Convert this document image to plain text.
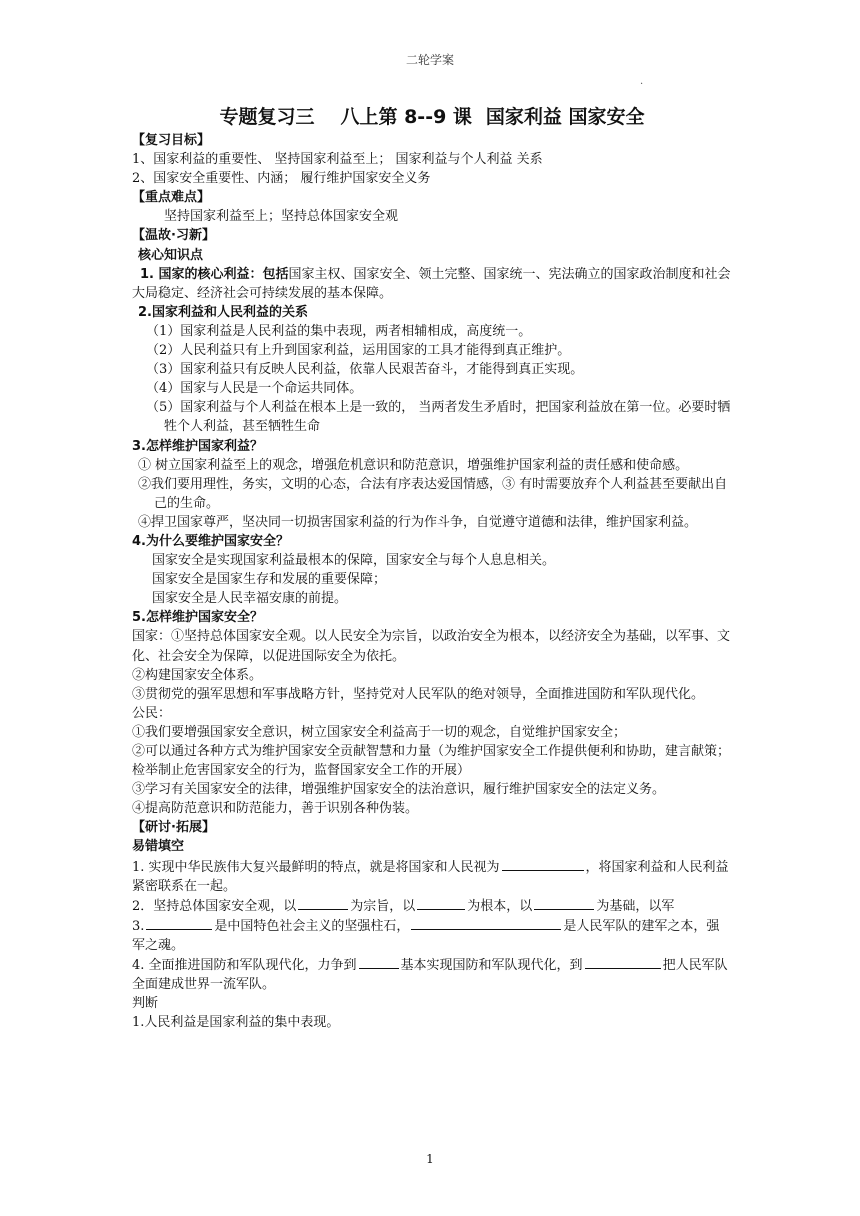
二轮学案
.

专题复习三 八上第 8--9 课 国家利益 国家安全

【复习目标】

1、国家利益的重要性、 坚持国家利益至上； 国家利益与个人利益 关系

2、国家安全重要性、内涵； 履行维护国家安全义务

【重点难点】

坚持国家利益至上；坚持总体国家安全观

【温故·习新】

核心知识点

1. 国家的核心利益：包括国家主权、国家安全、领土完整、国家统一、宪法确立的国家政治制度和社会大局稳定、经济社会可持续发展的基本保障。

2.国家利益和人民利益的关系

（1）国家利益是人民利益的集中表现，两者相辅相成，高度统一。

（2）人民利益只有上升到国家利益，运用国家的工具才能得到真正维护。

（3）国家利益只有反映人民利益，依靠人民艰苦奋斗，才能得到真正实现。

（4）国家与人民是一个命运共同体。

（5）国家利益与个人利益在根本上是一致的， 当两者发生矛盾时，把国家利益放在第一位。必要时牺牲个人利益，甚至牺牲生命

3.怎样维护国家利益？

① 树立国家利益至上的观念，增强危机意识和防范意识，增强维护国家利益的责任感和使命感。

②我们要用理性，务实，文明的心态，合法有序表达爱国情感，③ 有时需要放弃个人利益甚至要献出自己的生命。

④捍卫国家尊严，坚决同一切损害国家利益的行为作斗争，自觉遵守道德和法律，维护国家利益。

4.为什么要维护国家安全？

国家安全是实现国家利益最根本的保障，国家安全与每个人息息相关。

国家安全是国家生存和发展的重要保障；

国家安全是人民幸福安康的前提。

5.怎样维护国家安全？

国家：①坚持总体国家安全观。以人民安全为宗旨，以政治安全为根本，以经济安全为基础，以军事、文化、社会安全为保障，以促进国际安全为依托。

②构建国家安全体系。

③贯彻党的强军思想和军事战略方针，坚持党对人民军队的绝对领导，全面推进国防和军队现代化。

公民：

①我们要增强国家安全意识，树立国家安全利益高于一切的观念，自觉维护国家安全；

②可以通过各种方式为维护国家安全贡献智慧和力量（为维护国家安全工作提供便利和协助，建言献策；检举制止危害国家安全的行为，监督国家安全工作的开展）

③学习有关国家安全的法律，增强维护国家安全的法治意识，履行维护国家安全的法定义务。

④提高防范意识和防范能力，善于识别各种伪装。

【研讨·拓展】

易错填空

1. 实现中华民族伟大复兴最鲜明的特点，就是将国家和人民视为	，将国家利益和人民利益紧密联系在一起。

2．坚持总体国家安全观，以	为宗旨，以	为根本，以	为基础，以军

3.	是中国特色社会主义的坚强柱石，	是人民军队的建军之本，强军之魂。

4. 全面推进国防和军队现代化，力争到	基本实现国防和军队现代化，到	把人民军队全面建成世界一流军队。

判断

1.人民利益是国家利益的集中表现。

1
